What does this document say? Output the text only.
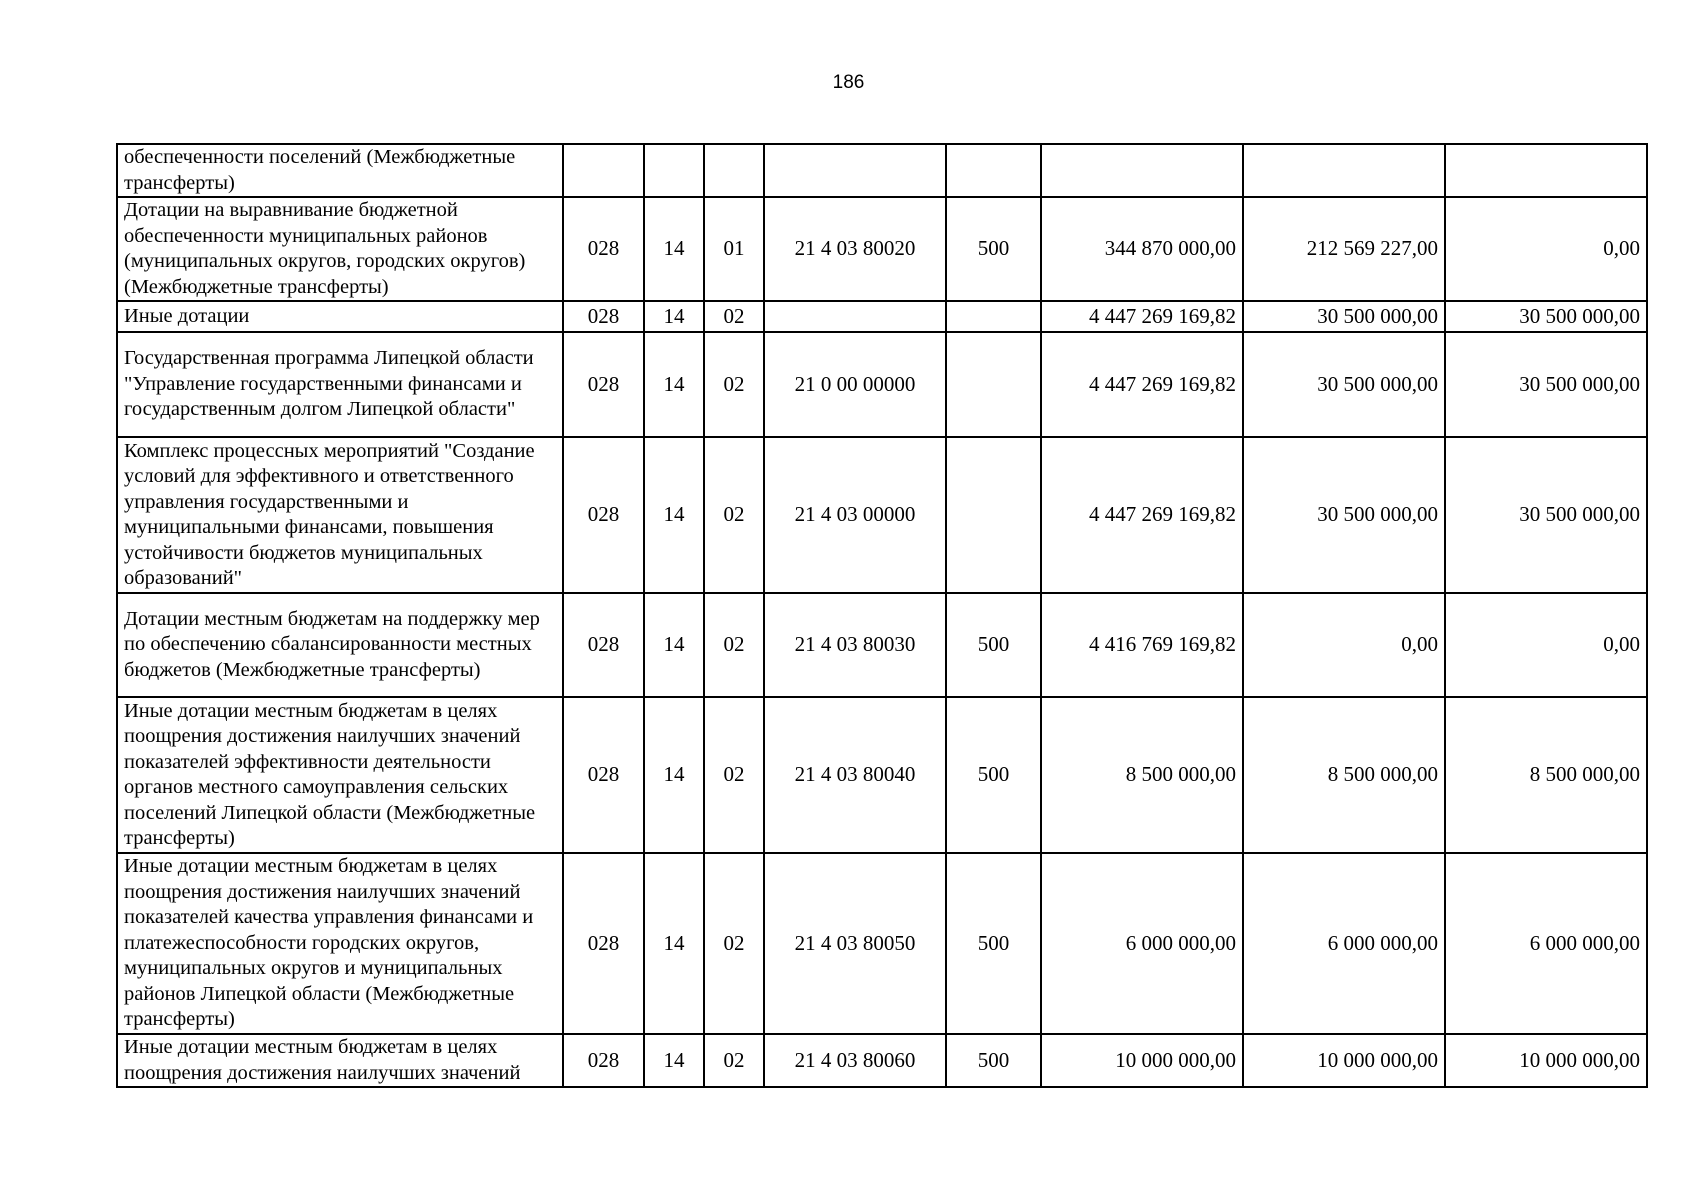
186
обеспеченности поселений (Межбюджетные трансферты)								
Дотации на выравнивание бюджетной обеспеченности муниципальных районов (муниципальных округов, городских округов) (Межбюджетные трансферты)	028	14	01	21 4 03 80020	500	344 870 000,00	212 569 227,00	0,00
Иные дотации	028	14	02			4 447 269 169,82	30 500 000,00	30 500 000,00
Государственная программа Липецкой области "Управление государственными финансами и государственным долгом Липецкой области"	028	14	02	21 0 00 00000		4 447 269 169,82	30 500 000,00	30 500 000,00
Комплекс процессных мероприятий "Создание условий для эффективного и ответственного управления государственными и муниципальными финансами, повышения устойчивости бюджетов муниципальных образований"	028	14	02	21 4 03 00000		4 447 269 169,82	30 500 000,00	30 500 000,00
Дотации местным бюджетам на поддержку мер по обеспечению сбалансированности местных бюджетов (Межбюджетные трансферты)	028	14	02	21 4 03 80030	500	4 416 769 169,82	0,00	0,00
Иные дотации местным бюджетам в целях поощрения достижения наилучших значений показателей эффективности деятельности органов местного самоуправления сельских поселений Липецкой области (Межбюджетные трансферты)	028	14	02	21 4 03 80040	500	8 500 000,00	8 500 000,00	8 500 000,00
Иные дотации местным бюджетам в целях поощрения достижения наилучших значений показателей качества управления финансами и платежеспособности городских округов, муниципальных округов и муниципальных районов Липецкой области (Межбюджетные трансферты)	028	14	02	21 4 03 80050	500	6 000 000,00	6 000 000,00	6 000 000,00
Иные дотации местным бюджетам в целях поощрения достижения наилучших значений	028	14	02	21 4 03 80060	500	10 000 000,00	10 000 000,00	10 000 000,00
